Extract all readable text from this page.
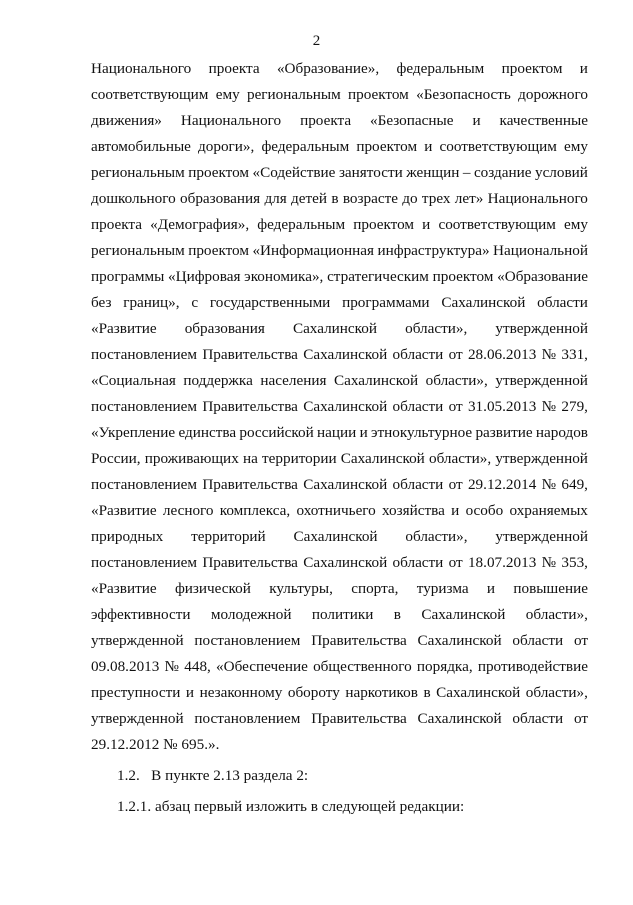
2
Национального проекта «Образование», федеральным проектом и
соответствующим ему региональным проектом «Безопасность дорожного
движения» Национального проекта «Безопасные и качественные
автомобильные дороги», федеральным проектом и соответствующим ему
региональным проектом «Содействие занятости женщин – создание условий
дошкольного образования для детей в возрасте до трех лет» Национального
проекта «Демография», федеральным проектом и соответствующим ему
региональным проектом «Информационная инфраструктура» Национальной
программы «Цифровая экономика», стратегическим проектом «Образование
без границ», с государственными программами Сахалинской области
«Развитие образования Сахалинской области», утвержденной
постановлением Правительства Сахалинской области от 28.06.2013 № 331,
«Социальная поддержка населения Сахалинской области», утвержденной
постановлением Правительства Сахалинской области от 31.05.2013 № 279,
«Укрепление единства российской нации и этнокультурное развитие народов
России, проживающих на территории Сахалинской области», утвержденной
постановлением Правительства Сахалинской области от 29.12.2014 № 649,
«Развитие лесного комплекса, охотничьего хозяйства и особо охраняемых
природных территорий Сахалинской области», утвержденной
постановлением Правительства Сахалинской области от 18.07.2013 № 353,
«Развитие физической культуры, спорта, туризма и повышение
эффективности молодежной политики в Сахалинской области»,
утвержденной постановлением Правительства Сахалинской области от
09.08.2013 № 448, «Обеспечение общественного порядка, противодействие
преступности и незаконному обороту наркотиков в Сахалинской области»,
утвержденной постановлением Правительства Сахалинской области от
29.12.2012 № 695.».
1.2.   В пункте 2.13 раздела 2:
1.2.1. абзац первый изложить в следующей редакции:
